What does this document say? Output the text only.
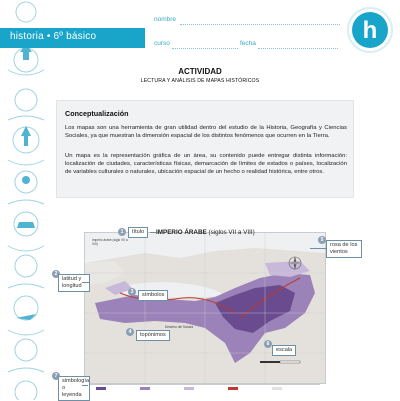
historia • 6º básico
nombre
curso	fecha	h
ACTIVIDAD
LECTURA Y ANÁLISIS DE MAPAS HISTÓRICOS
Conceptualización
Los mapas son una herramienta de gran utilidad dentro del estudio de la Historia, Geografía y Ciencias Sociales, ya que muestran la dimensión espacial de los distintos fenómenos que ocurren en la Tierra.
Un mapa es la representación gráfica de un área, su contenido puede entregar distinta información: localización de ciudades, características físicas, demarcación de límites de estados o países, localización de variables culturales o naturales, ubicación espacial de un hecho o realidad histórica, entre otros.
IMPERIO ÁRABE (siglos VII a VIII)
Imperio árabe (siglo VII a VIII)
Desierto del Sahara
1	título
2
latitud y longitud
3	símbolos
4	topónimos
5
rosa de los vientos
6
escala
7
simbología o leyenda
